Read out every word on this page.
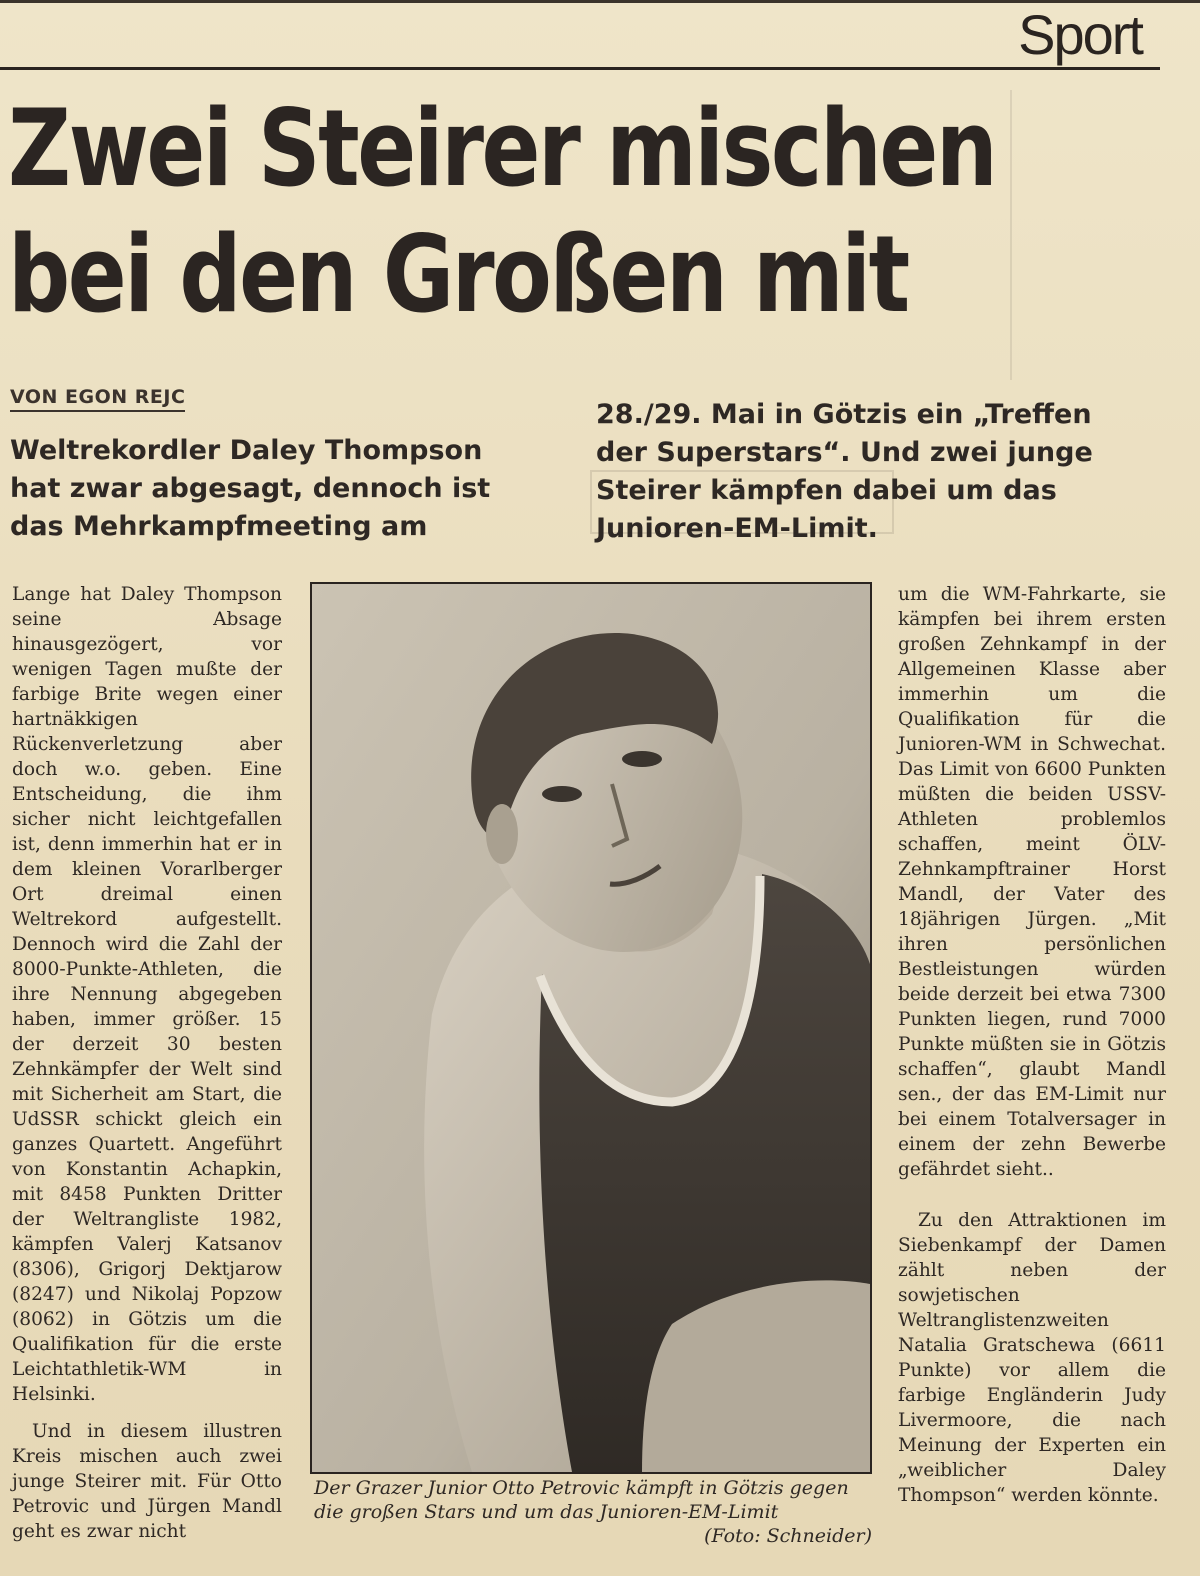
Sport
Zwei Steirer mischen
bei den Großen mit
VON EGON REJC
Weltrekordler Daley Thompson
hat zwar abgesagt, dennoch ist
das Mehrkampfmeeting am
28./29. Mai in Götzis ein „Treffen
der Superstars“. Und zwei junge
Steirer kämpfen dabei um das
Junioren-EM-Limit.

Lange hat Daley Thompson seine Absage hinausgezögert, vor wenigen Tagen mußte der farbige Brite wegen einer hartnäkkigen Rückenverletzung aber doch w.o. geben. Eine Entscheidung, die ihm sicher nicht leichtgefallen ist, denn immerhin hat er in dem kleinen Vorarlberger Ort dreimal einen Weltrekord aufgestellt. Dennoch wird die Zahl der 8000-Punkte-Athleten, die ihre Nennung abgegeben haben, immer größer. 15 der derzeit 30 besten Zehnkämpfer der Welt sind mit Sicherheit am Start, die UdSSR schickt gleich ein ganzes Quartett. Angeführt von Konstantin Achapkin, mit 8458 Punkten Dritter der Weltrangliste 1982, kämpfen Valerj Katsanov (8306), Grigorj Dektjarow (8247) und Nikolaj Popzow (8062) in Götzis um die Qualifikation für die erste Leichtathletik-WM in Helsinki.

Und in diesem illustren Kreis mischen auch zwei junge Steirer mit. Für Otto Petrovic und Jürgen Mandl geht es zwar nicht

Der Grazer Junior Otto Petrovic kämpft in Götzis gegen die großen Stars und um das Junioren-EM-Limit
(Foto: Schneider)

um die WM-Fahrkarte, sie kämpfen bei ihrem ersten großen Zehnkampf in der Allgemeinen Klasse aber immerhin um die Qualifikation für die Junioren-WM in Schwechat. Das Limit von 6600 Punkten müßten die beiden USSV-Athleten problemlos schaffen, meint ÖLV-Zehnkampftrainer Horst Mandl, der Vater des 18jährigen Jürgen. „Mit ihren persönlichen Bestleistungen würden beide derzeit bei etwa 7300 Punkten liegen, rund 7000 Punkte müßten sie in Götzis schaffen“, glaubt Mandl sen., der das EM-Limit nur bei einem Totalversager in einem der zehn Bewerbe gefährdet sieht..

Zu den Attraktionen im Siebenkampf der Damen zählt neben der sowjetischen Weltranglistenzweiten Natalia Gratschewa (6611 Punkte) vor allem die farbige Engländerin Judy Livermoore, die nach Meinung der Experten ein „weiblicher Daley Thompson“ werden könnte.
